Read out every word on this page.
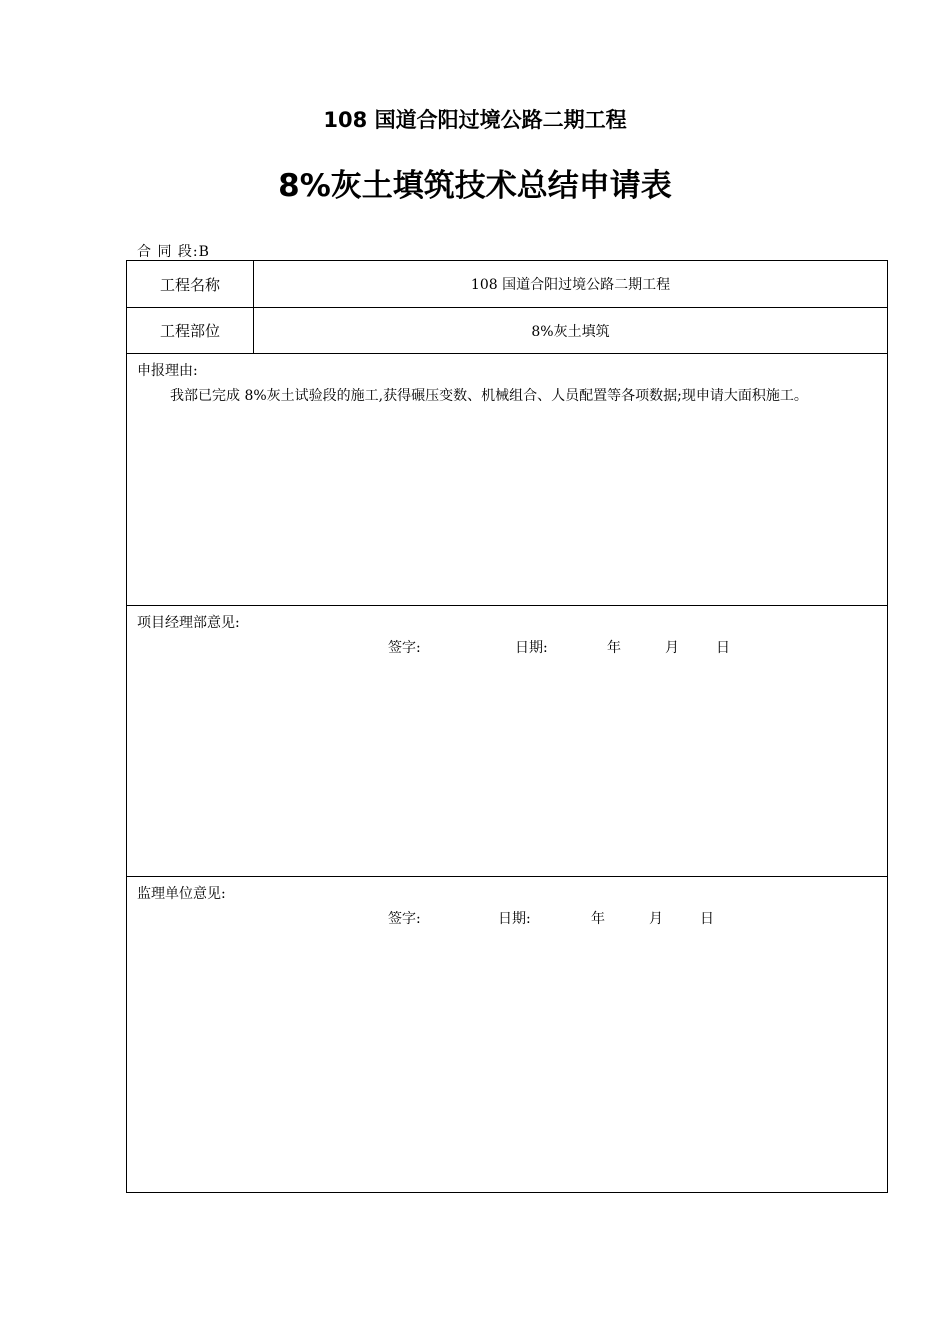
108 国道合阳过境公路二期工程
8%灰土填筑技术总结申请表
合 同 段:B
工程名称	108 国道合阳过境公路二期工程
工程部位	8%灰土填筑
申报理由:
我部已完成 8%灰土试验段的施工,获得碾压变数、机械组合、人员配置等各项数据;现申请大面积施工。
项目经理部意见:
签字:	日期:	年	月	日
监理单位意见:
签字:	日期:	年	月	日
